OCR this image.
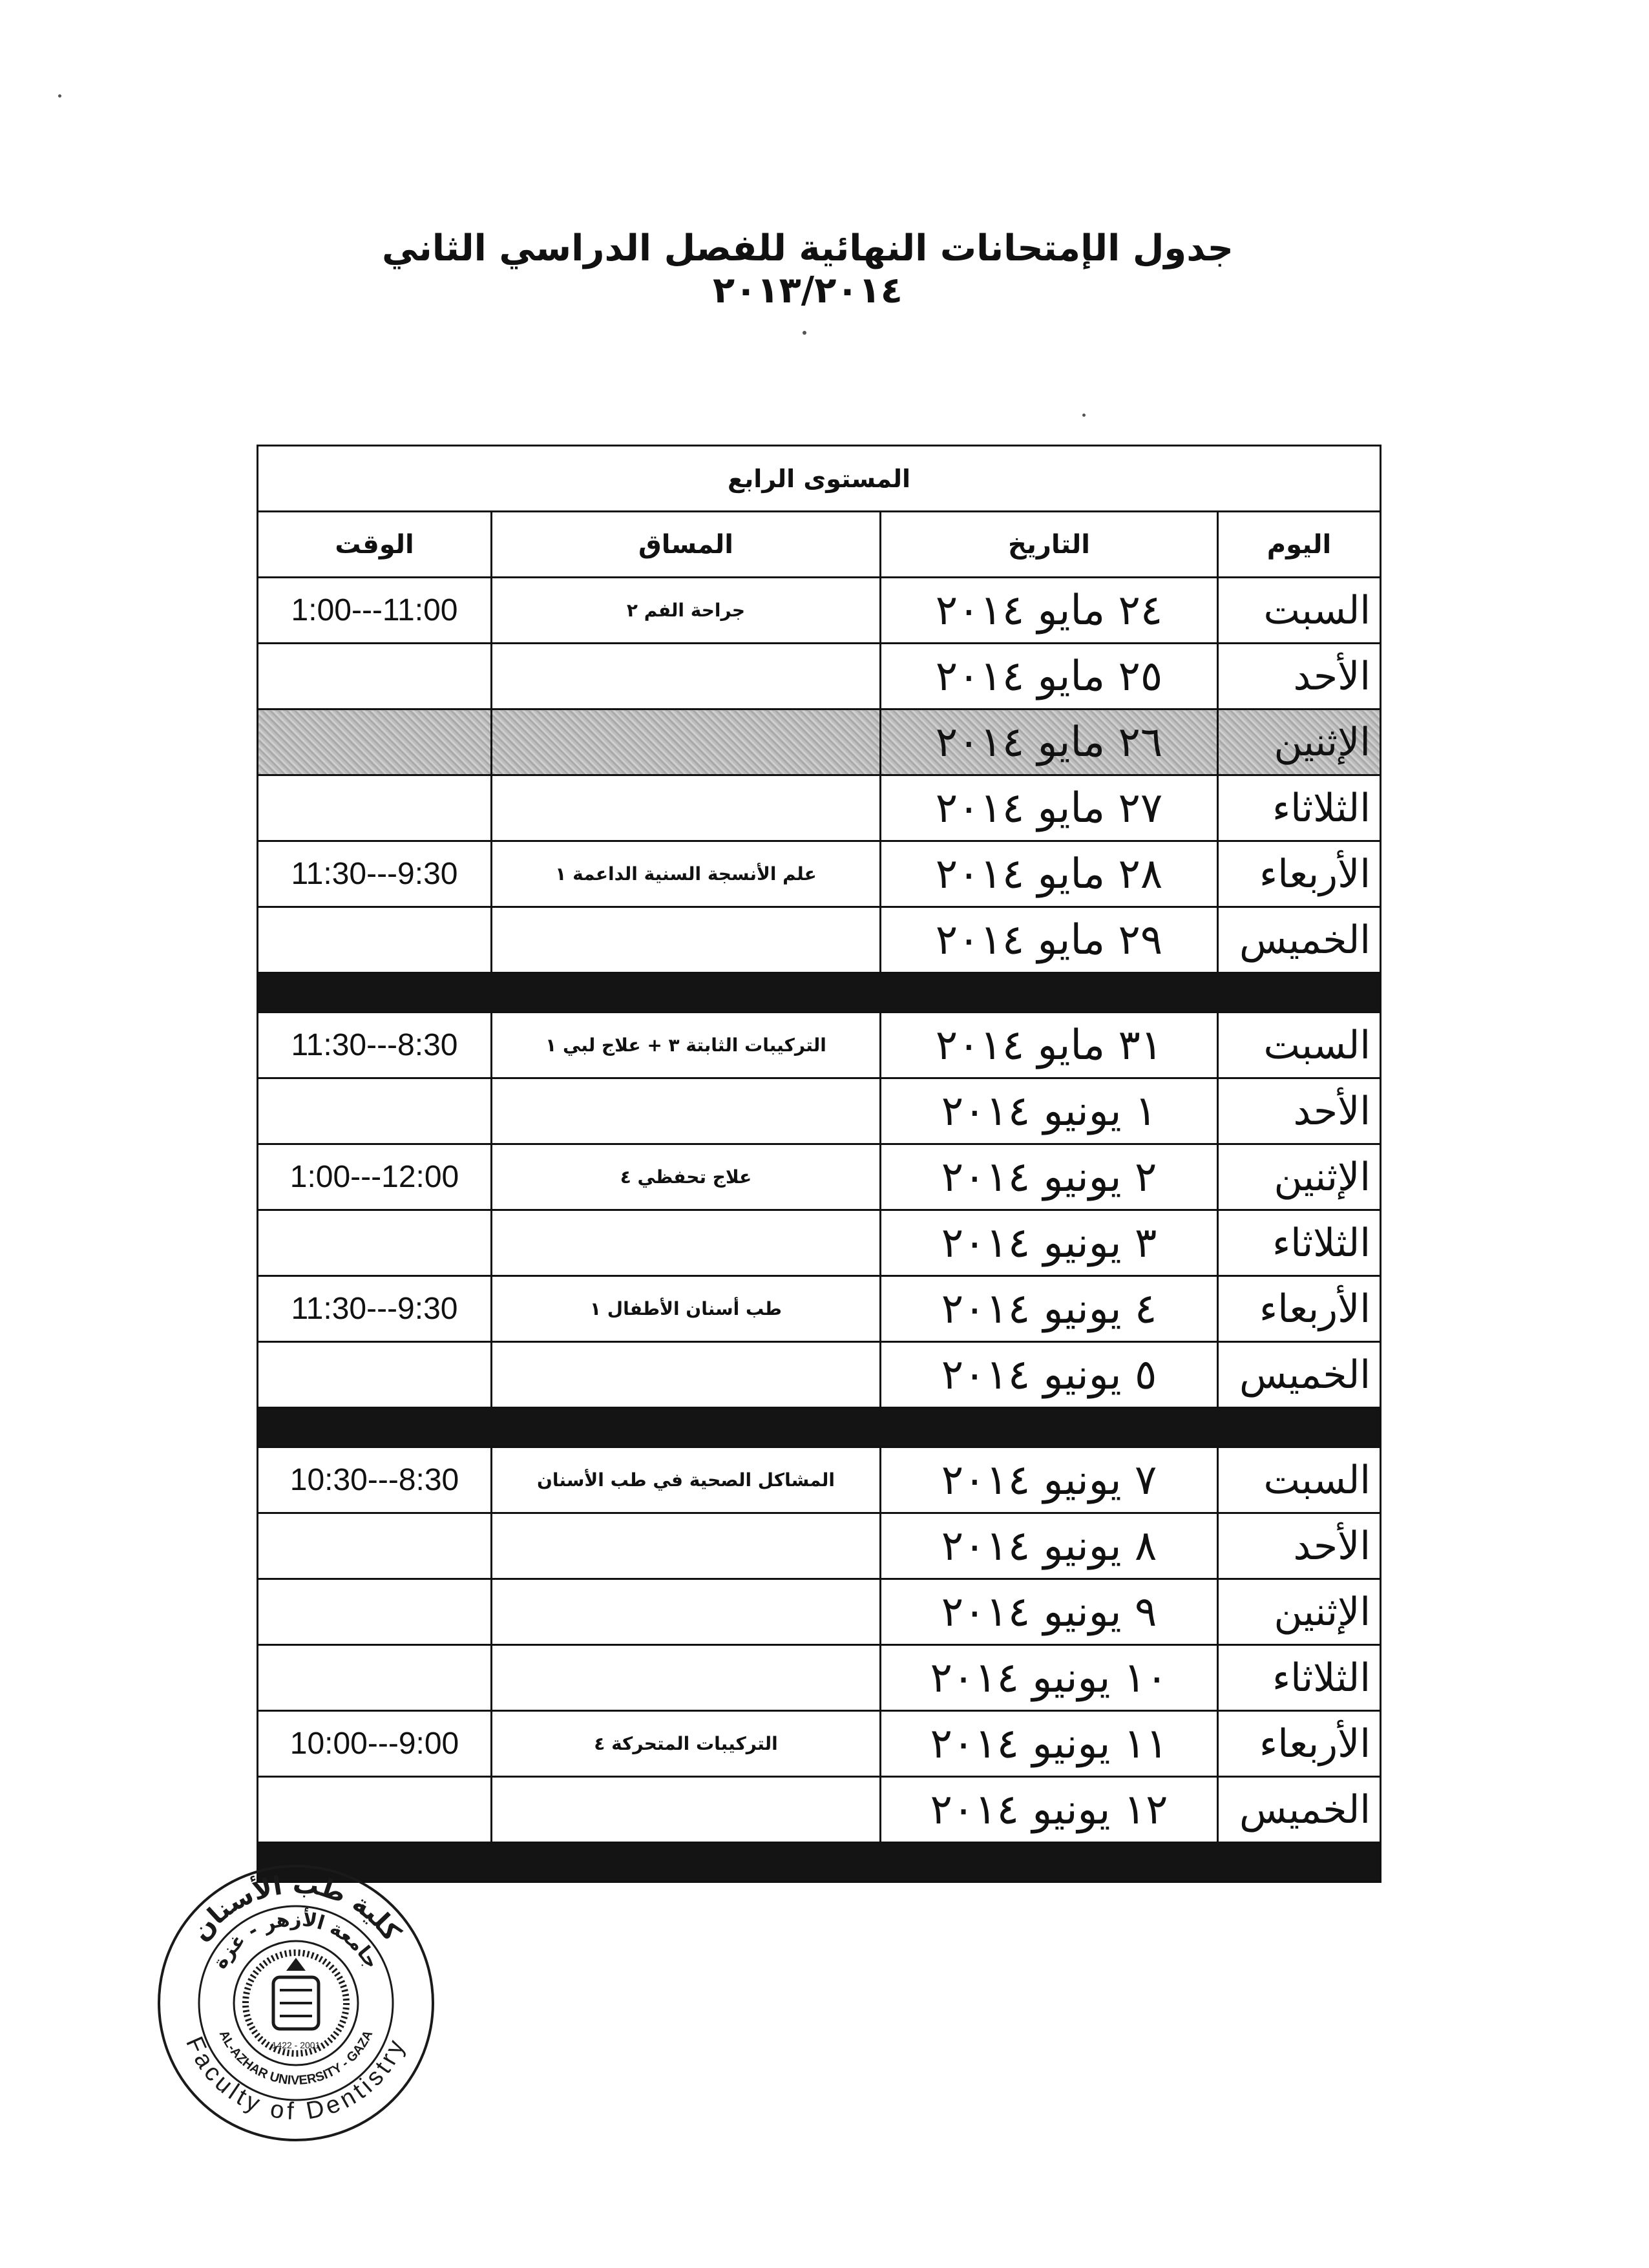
جدول الإمتحانات النهائية للفصل الدراسي الثاني ٢٠١٣/٢٠١٤
المستوى الرابع			
الوقت	المساق	التاريخ	اليوم
1:00---11:00	جراحة الفم ٢	٢٤ مايو ٢٠١٤	السبت
		٢٥ مايو ٢٠١٤	الأحد
		٢٦ مايو ٢٠١٤	الإثنين
		٢٧ مايو ٢٠١٤	الثلاثاء
11:30---9:30	علم الأنسجة السنية الداعمة ١	٢٨ مايو ٢٠١٤	الأربعاء
		٢٩ مايو ٢٠١٤	الخميس

11:30---8:30	التركيبات الثابتة ٣ + علاج لبي ١	٣١ مايو ٢٠١٤	السبت
		١ يونيو ٢٠١٤	الأحد
1:00---12:00	علاج تحفظي ٤	٢ يونيو ٢٠١٤	الإثنين
		٣ يونيو ٢٠١٤	الثلاثاء
11:30---9:30	طب أسنان الأطفال ١	٤ يونيو ٢٠١٤	الأربعاء
		٥ يونيو ٢٠١٤	الخميس

10:30---8:30	المشاكل الصحية في طب الأسنان	٧ يونيو ٢٠١٤	السبت
		٨ يونيو ٢٠١٤	الأحد
		٩ يونيو ٢٠١٤	الإثنين
		١٠ يونيو ٢٠١٤	الثلاثاء
10:00---9:00	التركيبات المتحركة ٤	١١ يونيو ٢٠١٤	الأربعاء
		١٢ يونيو ٢٠١٤	الخميس

كلية طب الأسنان
جامعة الأزهر - غزة
Faculty of Dentistry
AL-AZHAR UNIVERSITY - GAZA
1422 - 2001
